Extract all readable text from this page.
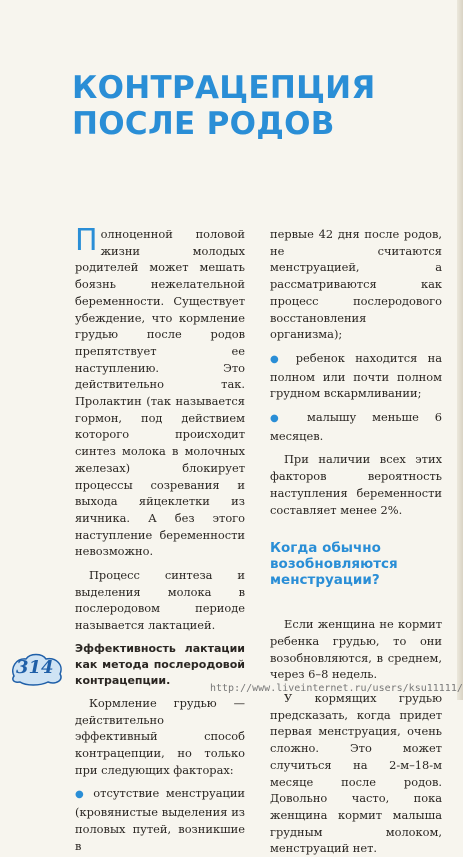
КОНТРАЦЕПЦИЯ
ПОСЛЕ РОДОВ

Полноценной половой жизни молодых родителей может мешать боязнь нежелательной беременности. Существует убеждение, что кормление грудью после родов препятствует ее наступлению. Это действительно так. Пролактин (так называется гормон, под действием которого происходит синтез молока в молочных железах) блокирует процессы созревания и выхода яйцеклетки из яичника. А без этого наступление беременности невозможно.

Процесс синтеза и выделения молока в послеродовом периоде называется лактацией.

Эффективность лактации как метода послеродовой контрацепции.

Кормление грудью — действительно эффективный способ контрацепции, но только при следующих факторах:

● отсутствие менструации (кровянистые выделения из половых путей, возникшие в

первые 42 дня после родов, не считаются менструацией, а рассматриваются как процесс послеродового восстановления организма);

● ребенок находится на полном или почти полном грудном вскармливании;

● малышу меньше 6 месяцев.

При наличии всех этих факторов вероятность наступления беременности составляет менее 2%.

Когда обычно возобновляются менструации?

Если женщина не кормит ребенка грудью, то они возобновляются, в среднем, через 6–8 недель.

У кормящих грудью предсказать, когда придет первая менструация, очень сложно. Это может случиться на 2-м–18-м месяце после родов. Довольно часто, пока женщина кормит малыша грудным молоком, менструаций нет.

314
http://www.liveinternet.ru/users/ksu11111/
